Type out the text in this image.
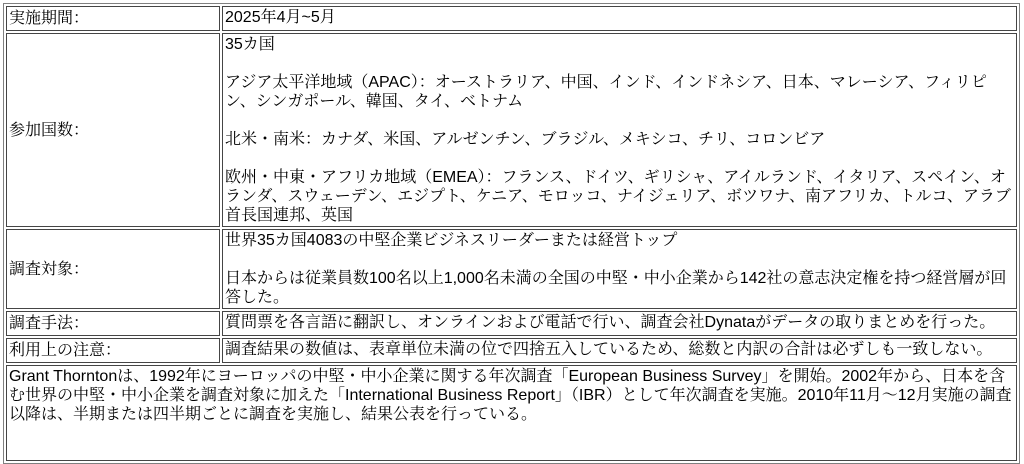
実施期間：	2025年4月~5月

参加国数：	35カ国

アジア太平洋地域（APAC）：オーストラリア、中国、インド、インドネシア、日本、マレーシア、フィリピン、シンガポール、韓国、タイ、ベトナム

北米・南米：カナダ、米国、アルゼンチン、ブラジル、メキシコ、チリ、コロンビア

欧州・中東・アフリカ地域（EMEA）：フランス、ドイツ、ギリシャ、アイルランド、イタリア、スペイン、オランダ、スウェーデン、エジプト、ケニア、モロッコ、ナイジェリア、ボツワナ、南アフリカ、トルコ、アラブ首長国連邦、英国

調査対象：	世界35カ国4083の中堅企業ビジネスリーダーまたは経営トップ

日本からは従業員数100名以上1,000名未満の全国の中堅・中小企業から142社の意志決定権を持つ経営層が回答した。

調査手法：	質問票を各言語に翻訳し、オンラインおよび電話で行い、調査会社Dynataがデータの取りまとめを行った。

利用上の注意：	調査結果の数値は、表章単位未満の位で四捨五入しているため、総数と内訳の合計は必ずしも一致しない。

Grant Thorntonは、1992年にヨーロッパの中堅・中小企業に関する年次調査「European Business Survey」を開始。2002年から、日本を含む世界の中堅・中小企業を調査対象に加えた「International Business Report」（IBR）として年次調査を実施。2010年11月～12月実施の調査以降は、半期または四半期ごとに調査を実施し、結果公表を行っている。	
